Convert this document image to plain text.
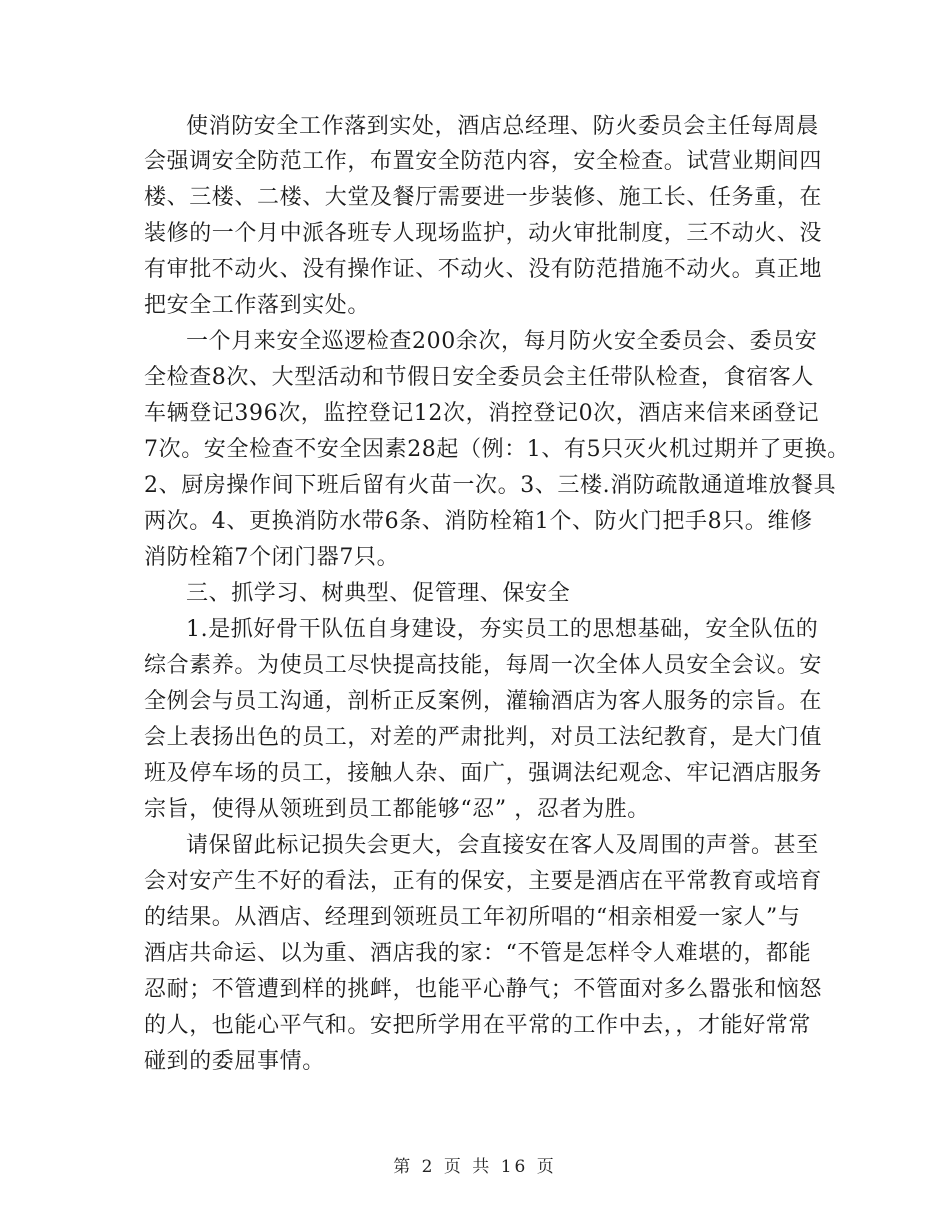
使消防安全工作落到实处，酒店总经理、防火委员会主任每周晨
会强调安全防范工作，布置安全防范内容，安全检查。试营业期间四
楼、三楼、二楼、大堂及餐厅需要进一步装修、施工长、任务重，在
装修的一个月中派各班专人现场监护，动火审批制度，三不动火、没
有审批不动火、没有操作证、不动火、没有防范措施不动火。真正地
把安全工作落到实处。
一个月来安全巡逻检查200余次，每月防火安全委员会、委员安
全检查8次、大型活动和节假日安全委员会主任带队检查，食宿客人
车辆登记396次，监控登记12次，消控登记0次，酒店来信来函登记
7次。安全检查不安全因素28起（例：1、有5只灭火机过期并了更换。
2、厨房操作间下班后留有火苗一次。3、三楼.消防疏散通道堆放餐具
两次。4、更换消防水带6条、消防栓箱1个、防火门把手8只。维修
消防栓箱7个闭门器7只。
三、抓学习、树典型、促管理、保安全
1.是抓好骨干队伍自身建设，夯实员工的思想基础，安全队伍的
综合素养。为使员工尽快提高技能，每周一次全体人员安全会议。安
全例会与员工沟通，剖析正反案例，灌输酒店为客人服务的宗旨。在
会上表扬出色的员工，对差的严肃批判，对员工法纪教育，是大门值
班及停车场的员工，接触人杂、面广，强调法纪观念、牢记酒店服务
宗旨，使得从领班到员工都能够“忍” ，忍者为胜。
请保留此标记损失会更大，会直接安在客人及周围的声誉。甚至
会对安产生不好的看法，正有的保安，主要是酒店在平常教育或培育
的结果。从酒店、经理到领班员工年初所唱的“相亲相爱一家人”与
酒店共命运、以为重、酒店我的家：“不管是怎样令人难堪的，都能
忍耐；不管遭到样的挑衅，也能平心静气；不管面对多么嚣张和恼怒
的人，也能心平气和。安把所学用在平常的工作中去，，才能好常常
碰到的委屈事情。
第 2 页 共 16 页
